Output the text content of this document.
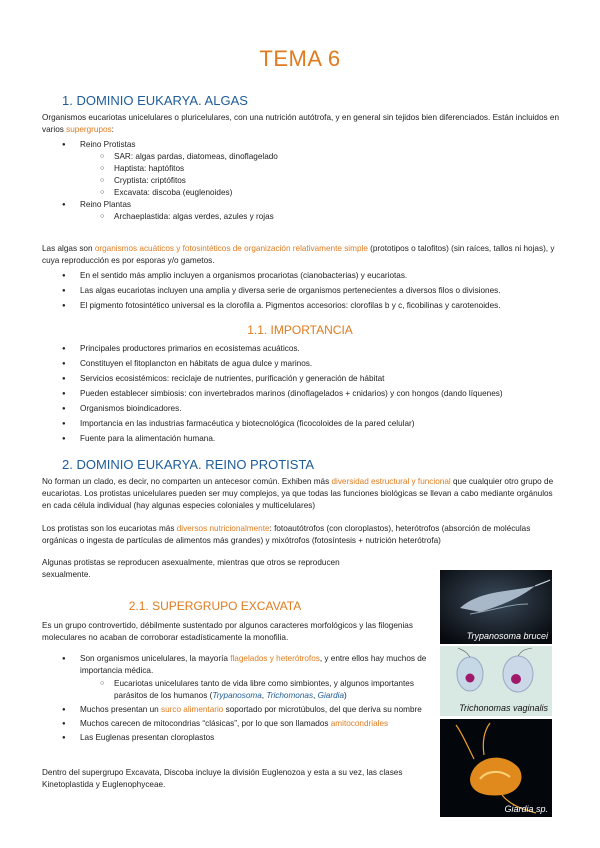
TEMA 6
1. DOMINIO EUKARYA. ALGAS

Organismos eucariotas unicelulares o pluricelulares, con una nutrición autótrofa, y en general sin tejidos bien diferenciados. Están incluidos en varios supergrupos:

● Reino Protistas
○ SAR: algas pardas, diatomeas, dinoflagelado
○ Haptista: haptófitos
○ Cryptista: criptófitos
○ Excavata: discoba (euglenoides)
● Reino Plantas
○ Archaeplastida: algas verdes, azules y rojas

Las algas son organismos acuáticos y fotosintéticos de organización relativamente simple (prototipos o talofitos) (sin raíces, tallos ni hojas), y cuya reproducción es por esporas y/o gametos.

● En el sentido más amplio incluyen a organismos procariotas (cianobacterias) y eucariotas.
● Las algas eucariotas incluyen una amplia y diversa serie de organismos pertenecientes a diversos filos o divisiones.
● El pigmento fotosintético universal es la clorofila a. Pigmentos accesorios: clorofilas b y c, ficobilinas y carotenoides.
1.1. IMPORTANCIA
● Principales productores primarios en ecosistemas acuáticos.
● Constituyen el fitoplancton en hábitats de agua dulce y marinos.
● Servicios ecosistémicos: reciclaje de nutrientes, purificación y generación de hábitat
● Pueden establecer simbiosis: con invertebrados marinos (dinoflagelados + cnidarios) y con hongos (dando líquenes)
● Organismos bioindicadores.
● Importancia en las industrias farmacéutica y biotecnológica (ficocoloides de la pared celular)
● Fuente para la alimentación humana.
2. DOMINIO EUKARYA. REINO PROTISTA

No forman un clado, es decir, no comparten un antecesor común. Exhiben más diversidad estructural y funcional que cualquier otro grupo de eucariotas. Los protistas unicelulares pueden ser muy complejos, ya que todas las funciones biológicas se llevan a cabo mediante orgánulos en cada célula individual (hay algunas especies coloniales y multicelulares)

Los protistas son los eucariotas más diversos nutricionalmente: fotoautótrofos (con cloroplastos), heterótrofos (absorción de moléculas orgánicas o ingesta de partículas de alimentos más grandes) y mixótrofos (fotosíntesis + nutrición heterótrofa)

Algunas protistas se reproducen asexualmente, mientras que otros se reproducen sexualmente.

2.1. SUPERGRUPO EXCAVATA

Es un grupo controvertido, débilmente sustentado por algunos caracteres morfológicos y las filogenias moleculares no acaban de corroborar estadísticamente la monofilia.

● Son organismos unicelulares, la mayoría flagelados y heterótrofos, y entre ellos hay muchos de importancia médica.
○ Eucariotas unicelulares tanto de vida libre como simbiontes, y algunos importantes parásitos de los humanos (Trypanosoma, Trichomonas, Giardia)
● Muchos presentan un surco alimentario soportado por microtúbulos, del que deriva su nombre
● Muchos carecen de mitocondrias “clásicas”, por lo que son llamados amitocondriales
● Las Euglenas presentan cloroplastos

Dentro del supergrupo Excavata, Discoba incluye la división Euglenozoa y esta a su vez, las clases Kinetoplastida y Euglenophyceae.

Trypanosoma brucei
Trichonomas vaginalis
Giardia sp.
